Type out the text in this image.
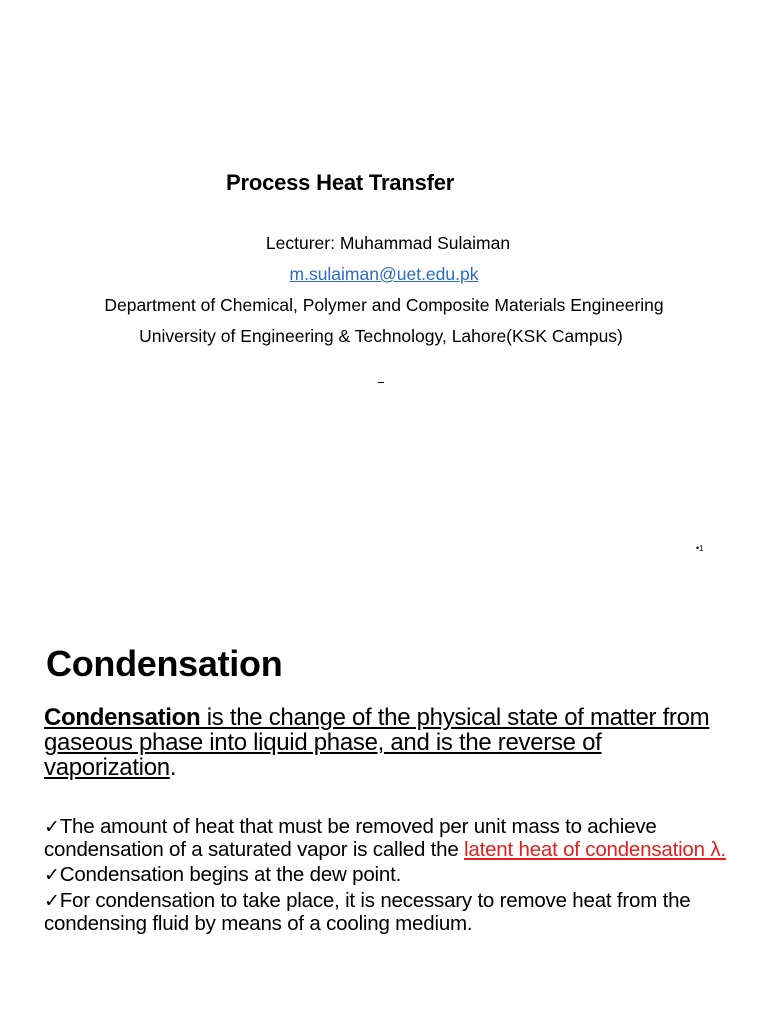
Process Heat Transfer
Lecturer: Muhammad Sulaiman
m.sulaiman@uet.edu.pk
Department of Chemical, Polymer and Composite Materials Engineering
University of Engineering & Technology, Lahore(KSK Campus)
•1
Condensation
Condensation is the change of the physical state of matter from gaseous phase into liquid phase, and is the reverse of vaporization.
✓The amount of heat that must be removed per unit mass to achieve condensation of a saturated vapor is called the latent heat of condensation λ.
✓Condensation begins at the dew point.
✓For condensation to take place, it is necessary to remove heat from the condensing fluid by means of a cooling medium.
